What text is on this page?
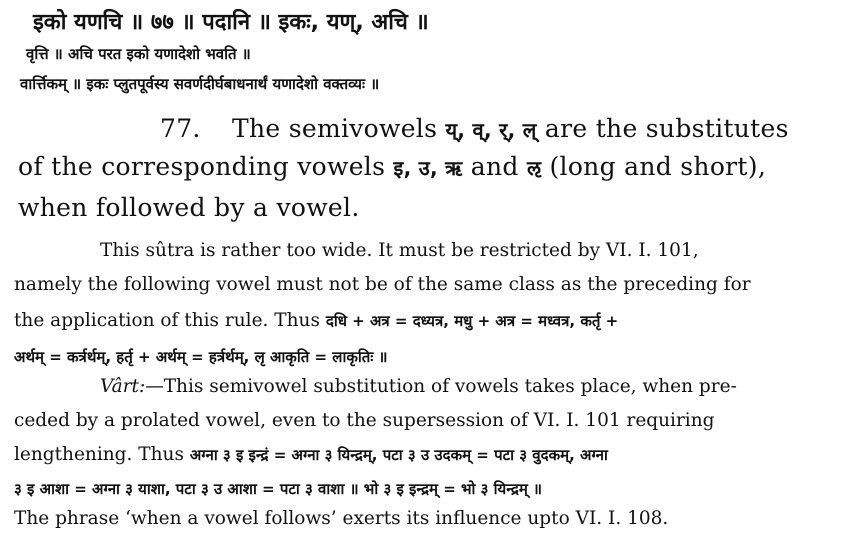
इको यणचि ॥ ७७ ॥ पदानि ॥ इकः, यण्, अचि ॥
वृत्ति ॥ अचि परत इको यणादेशो भवति ॥
वार्त्तिकम् ॥ इकः प्लुतपूर्वस्य सवर्णदीर्घबाधनार्थं यणादेशो वक्तव्यः ॥
77. The semivowels य्, व्, र्, ल् are the substitutes
of the corresponding vowels इ, उ, ऋ and ऌ (long and short),
when followed by a vowel.
This sûtra is rather too wide. It must be restricted by VI. I. 101,
namely the following vowel must not be of the same class as the preceding for
the application of this rule. Thus दधि + अत्र = दध्यत्र, मधु + अत्र = मध्वत्र, कर्तृ +
अर्थम् = कर्त्रर्थम्, हर्तृ + अर्थम् = हर्त्रर्थम्, लृ आकृति = लाकृतिः ॥
Vârt:—This semivowel substitution of vowels takes place, when pre-
ceded by a prolated vowel, even to the supersession of VI. I. 101 requiring
lengthening. Thus अग्ना ३ इ इन्द्रं = अग्ना ३ यिन्द्रम्, पटा ३ उ उदकम् = पटा ३ वुदकम्, अग्ना
३ इ आशा = अग्ना ३ याशा, पटा ३ उ आशा = पटा ३ वाशा ॥ भो ३ इ इन्द्रम् = भो ३ यिन्द्रम् ॥
The phrase ‘when a vowel follows’ exerts its influence upto VI. I. 108.
